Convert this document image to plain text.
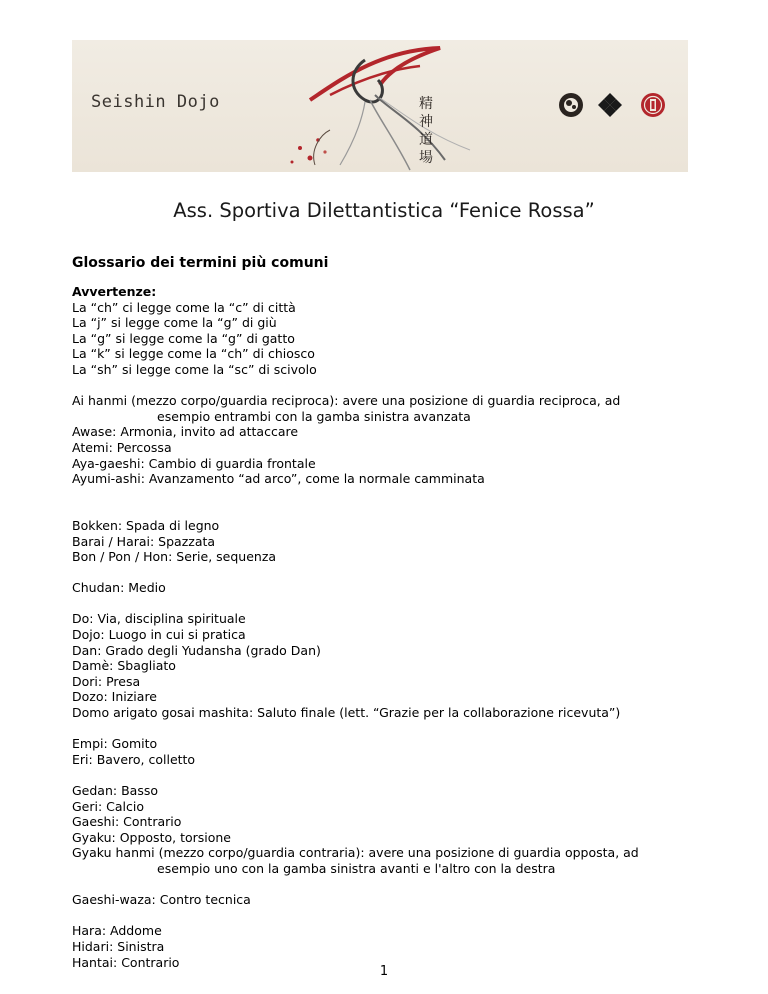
Seishin Dojo	精
神
道
場
Ass. Sportiva Dilettantistica “Fenice Rossa”
Glossario dei termini più comuni
Avvertenze:
La “ch” ci legge come la “c” di città
La “j” si legge come la “g” di giù
La “g” si legge come la “g” di gatto
La “k” si legge come la “ch” di chiosco
La “sh” si legge come la “sc” di scivolo
Ai hanmi (mezzo corpo/guardia reciproca): avere una posizione di guardia reciproca, ad
esempio entrambi con la gamba sinistra avanzata
Awase: Armonia, invito ad attaccare
Atemi: Percossa
Aya-gaeshi: Cambio di guardia frontale
Ayumi-ashi: Avanzamento “ad arco”, come la normale camminata
Bokken: Spada di legno
Barai / Harai: Spazzata
Bon / Pon / Hon: Serie, sequenza
Chudan: Medio
Do: Via, disciplina spirituale
Dojo: Luogo in cui si pratica
Dan: Grado degli Yudansha (grado Dan)
Damè: Sbagliato
Dori: Presa
Dozo: Iniziare
Domo arigato gosai mashita: Saluto finale (lett. “Grazie per la collaborazione ricevuta”)
Empi: Gomito
Eri: Bavero, colletto
Gedan: Basso
Geri: Calcio
Gaeshi: Contrario
Gyaku: Opposto, torsione
Gyaku hanmi (mezzo corpo/guardia contraria): avere una posizione di guardia opposta, ad
esempio uno con la gamba sinistra avanti e l'altro con la destra
Gaeshi-waza: Contro tecnica
Hara: Addome
Hidari: Sinistra
Hantai: Contrario
1
